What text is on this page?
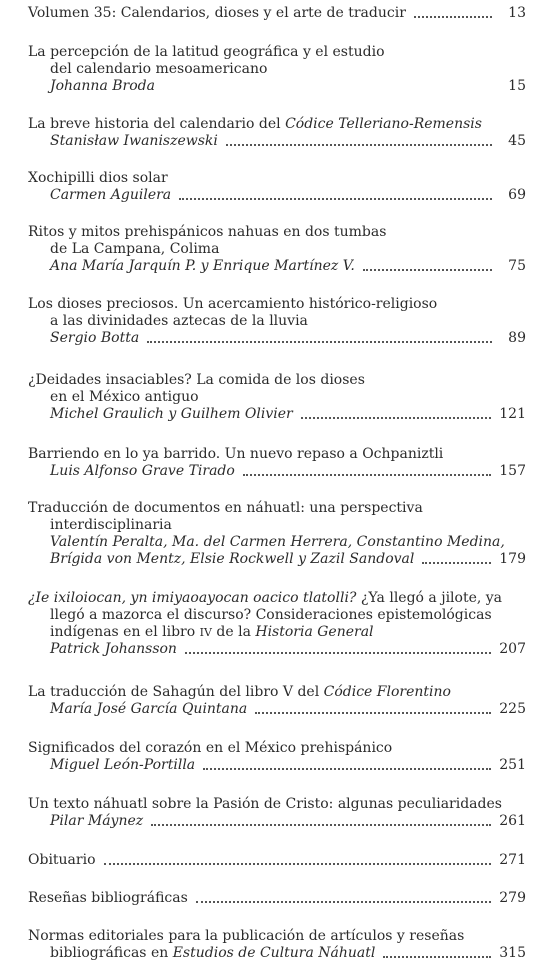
Volumen 35: Calendarios, dioses y el arte de traducir	13
La percepción de la latitud geográfica y el estudio
del calendario mesoamericano
Johanna Broda	15
La breve historia del calendario del Códice Telleriano-Remensis
Stanisław Iwaniszewski	45
Xochipilli dios solar
Carmen Aguilera	69
Ritos y mitos prehispánicos nahuas en dos tumbas
de La Campana, Colima
Ana María Jarquín P. y Enrique Martínez V.	75
Los dioses preciosos. Un acercamiento histórico-religioso
a las divinidades aztecas de la lluvia
Sergio Botta	89
¿Deidades insaciables? La comida de los dioses
en el México antiguo
Michel Graulich y Guilhem Olivier	121
Barriendo en lo ya barrido. Un nuevo repaso a Ochpaniztli
Luis Alfonso Grave Tirado	157
Traducción de documentos en náhuatl: una perspectiva
interdisciplinaria
Valentín Peralta, Ma. del Carmen Herrera, Constantino Medina,
Brígida von Mentz, Elsie Rockwell y Zazil Sandoval	179
¿Ie ixiloiocan, yn imiyaoayocan oacico tlatolli? ¿Ya llegó a jilote, ya
llegó a mazorca el discurso? Consideraciones epistemológicas
indígenas en el libro IV de la Historia General
Patrick Johansson	207
La traducción de Sahagún del libro V del Códice Florentino
María José García Quintana	225
Significados del corazón en el México prehispánico
Miguel León-Portilla	251
Un texto náhuatl sobre la Pasión de Cristo: algunas peculiaridades
Pilar Máynez	261
Obituario	271
Reseñas bibliográficas	279
Normas editoriales para la publicación de artículos y reseñas
bibliográficas en Estudios de Cultura Náhuatl	315
